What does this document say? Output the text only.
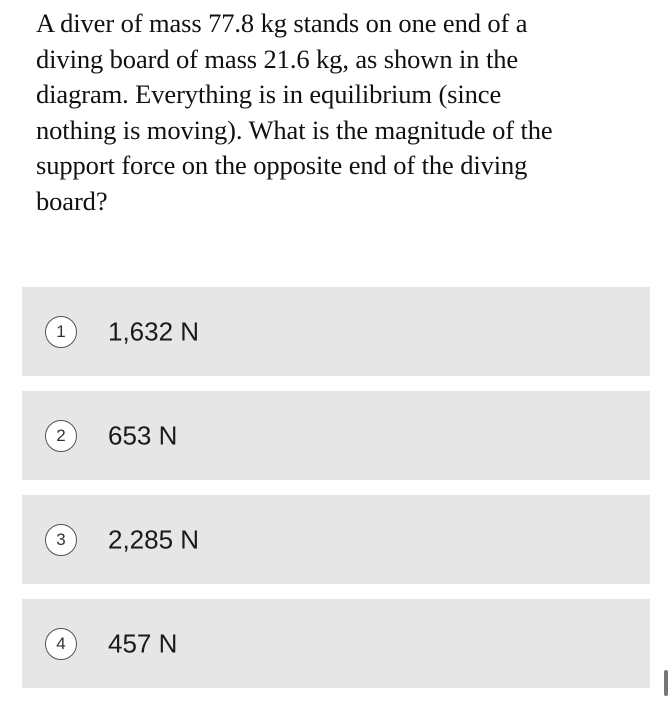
A diver of mass 77.8 kg stands on one end of a
diving board of mass 21.6 kg, as shown in the
diagram. Everything is in equilibrium (since
nothing is moving). What is the magnitude of the
support force on the opposite end of the diving
board?

1	1,632 N
2	653 N
3	2,285 N
4	457 N
